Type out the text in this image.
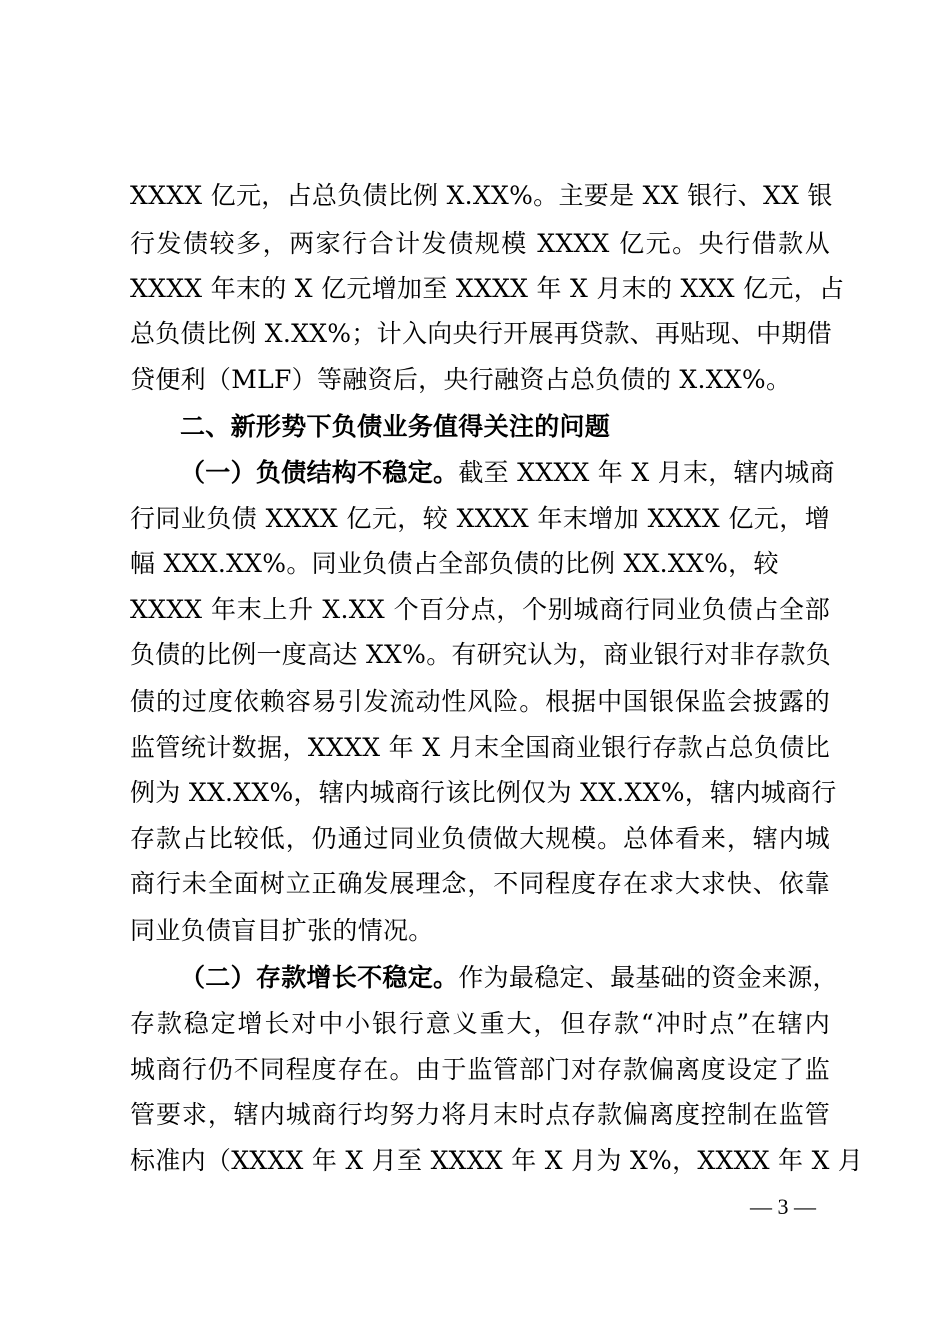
XXXX 亿元，占总负债比例 X.XX%。主要是 XX 银行、XX 银
行发债较多，两家行合计发债规模 XXXX 亿元。央行借款从
XXXX 年末的 X 亿元增加至 XXXX 年 X 月末的 XXX 亿元，占
总负债比例 X.XX%；计入向央行开展再贷款、再贴现、中期借
贷便利（MLF）等融资后，央行融资占总负债的 X.XX%。
二、新形势下负债业务值得关注的问题
（一）负债结构不稳定。截至 XXXX 年 X 月末，辖内城商
行同业负债 XXXX 亿元，较 XXXX 年末增加 XXXX 亿元，增
幅 XXX.XX%。同业负债占全部负债的比例 XX.XX%，较
XXXX 年末上升 X.XX 个百分点，个别城商行同业负债占全部
负债的比例一度高达 XX%。有研究认为，商业银行对非存款负
债的过度依赖容易引发流动性风险。根据中国银保监会披露的
监管统计数据，XXXX 年 X 月末全国商业银行存款占总负债比
例为 XX.XX%，辖内城商行该比例仅为 XX.XX%，辖内城商行
存款占比较低，仍通过同业负债做大规模。总体看来，辖内城
商行未全面树立正确发展理念，不同程度存在求大求快、依靠
同业负债盲目扩张的情况。
（二）存款增长不稳定。作为最稳定、最基础的资金来源，
存款稳定增长对中小银行意义重大，但存款“冲时点”在辖内
城商行仍不同程度存在。由于监管部门对存款偏离度设定了监
管要求，辖内城商行均努力将月末时点存款偏离度控制在监管
标准内（XXXX 年 X 月至 XXXX 年 X 月为 X%，XXXX 年 X 月
— 3 —
